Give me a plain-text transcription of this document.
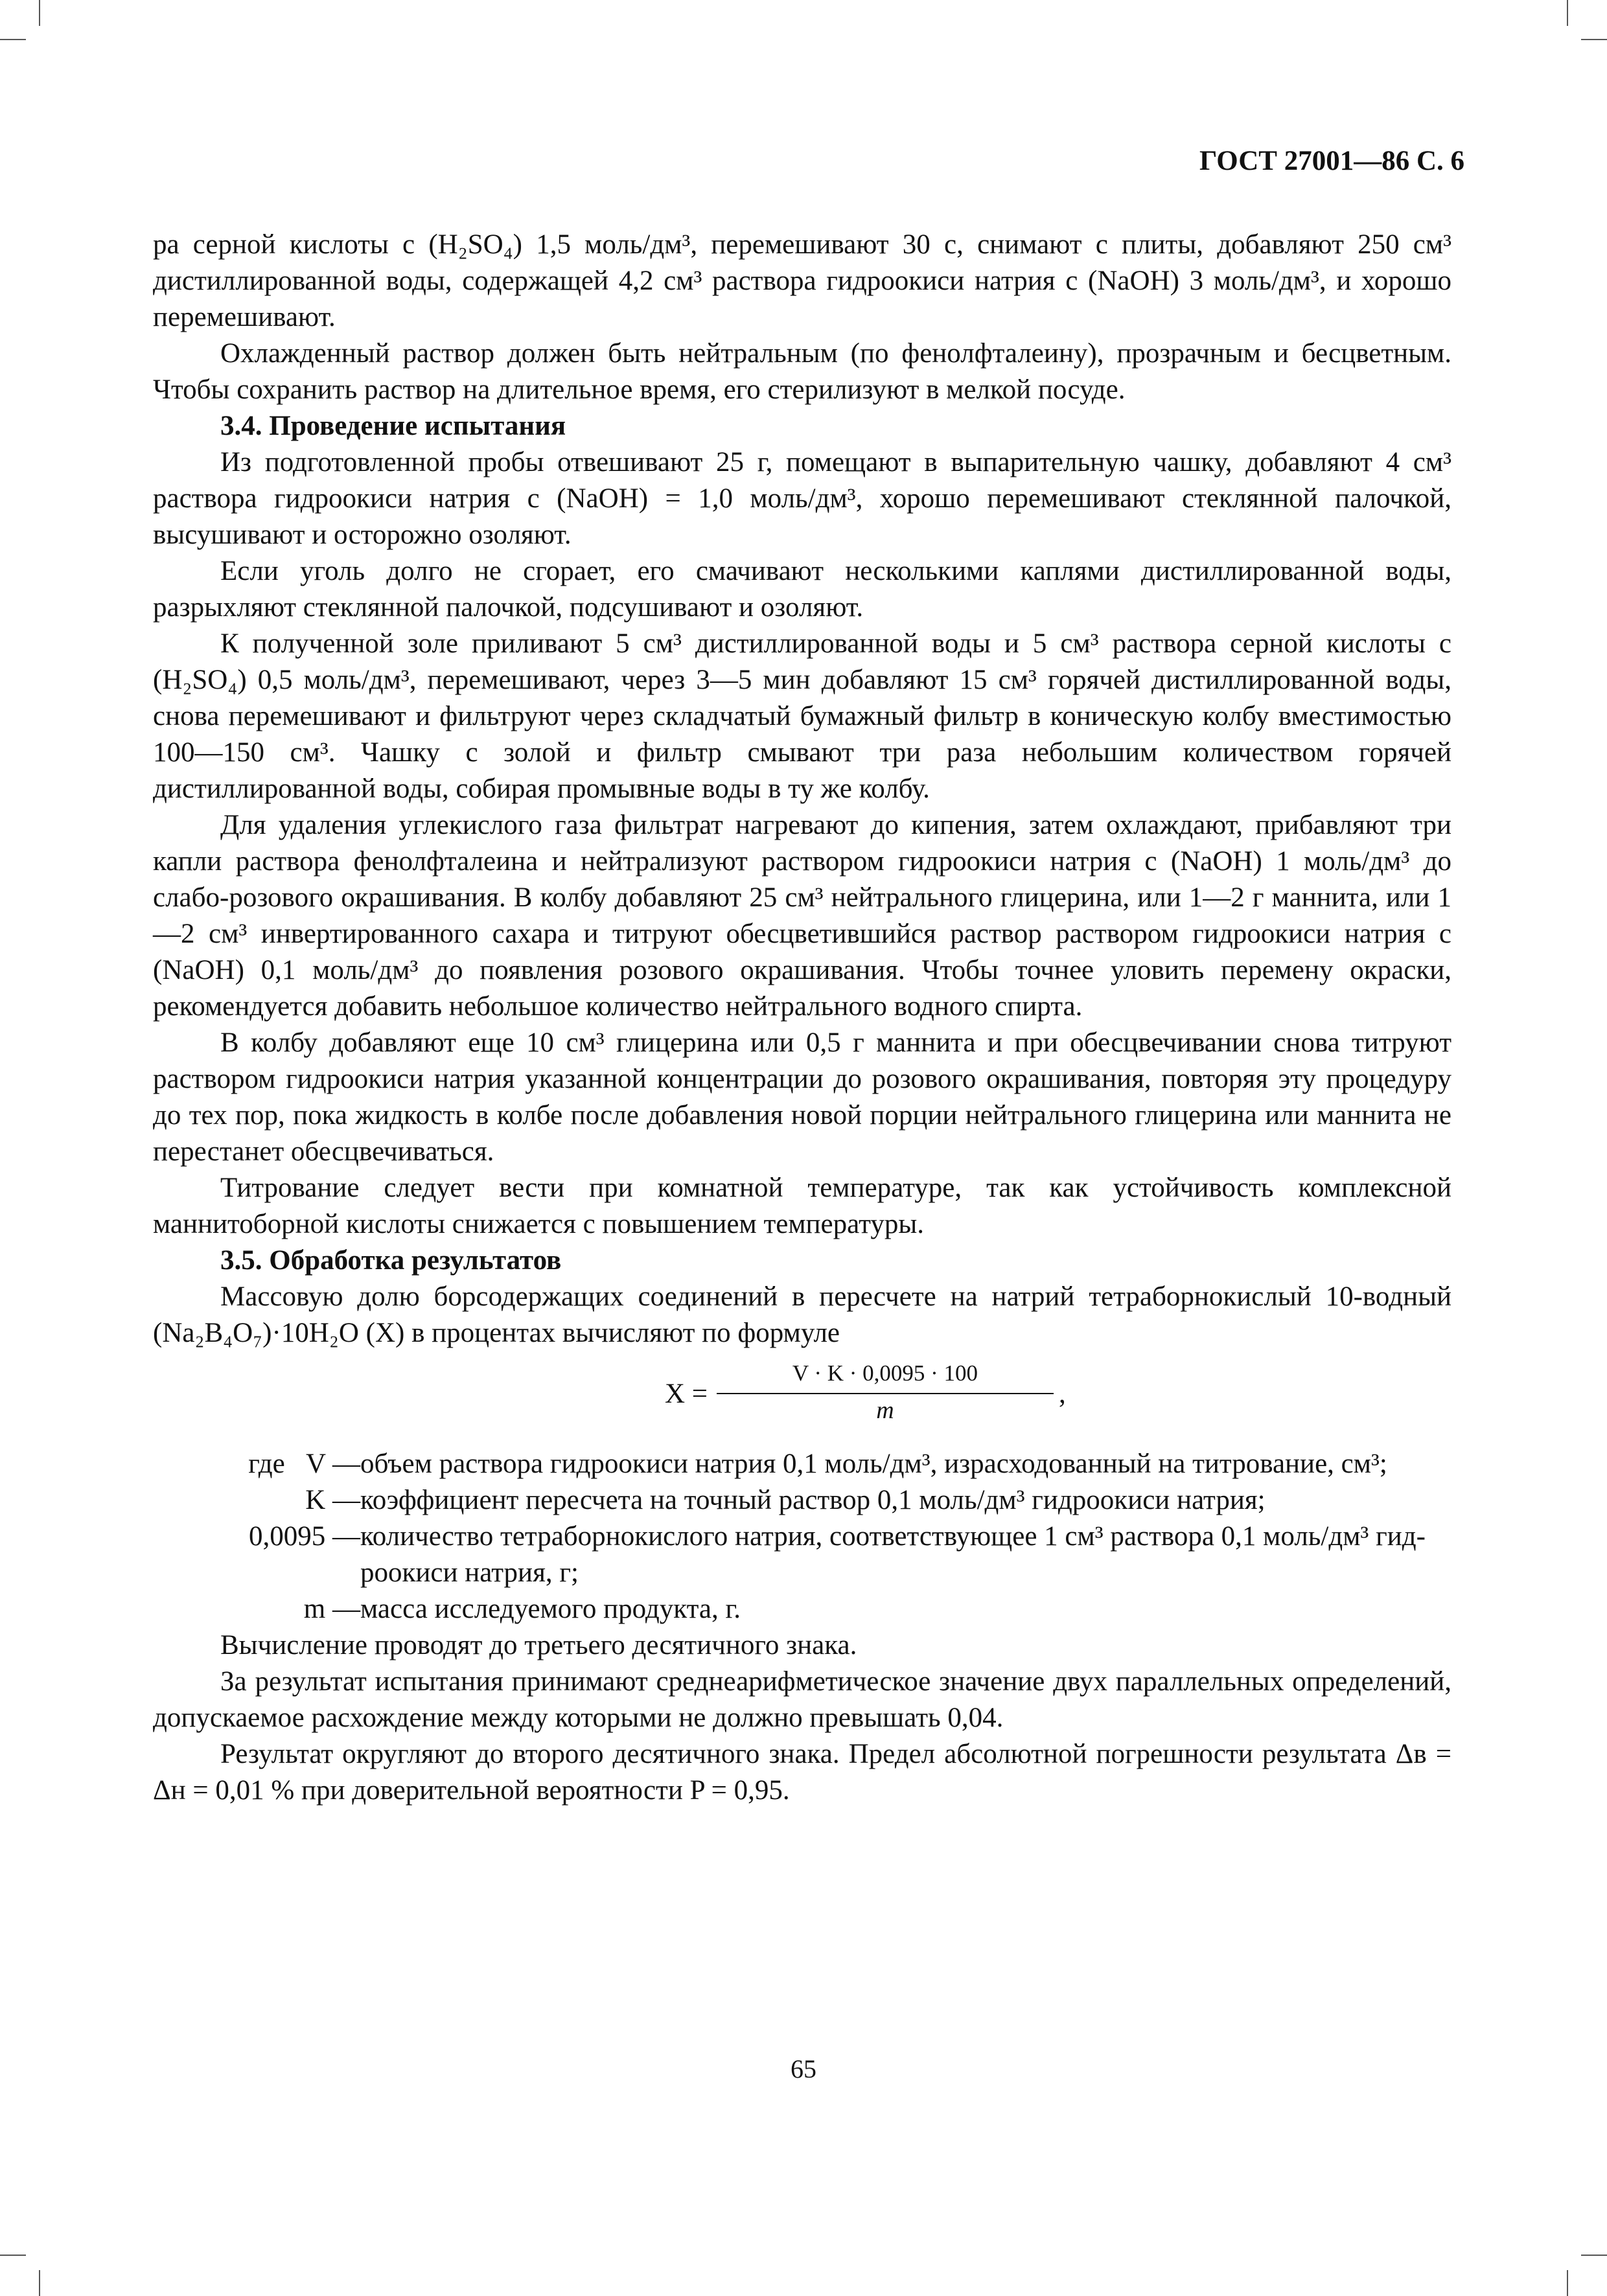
ГОСТ 27001—86 С. 6

ра серной кислоты c (H₂SO₄) 1,5 моль/дм³, перемешивают 30 с, снимают с плиты, добавляют 250 см³ дистиллированной воды, содержащей 4,2 см³ раствора гидроокиси натрия c (NaOH) 3 моль/дм³, и хорошо перемешивают.

Охлажденный раствор должен быть нейтральным (по фенолфталеину), прозрачным и бесцветным. Чтобы сохранить раствор на длительное время, его стерилизуют в мелкой посуде.

3.4. Проведение испытания

Из подготовленной пробы отвешивают 25 г, помещают в выпарительную чашку, добавляют 4 см³ раствора гидроокиси натрия c (NaOH) = 1,0 моль/дм³, хорошо перемешивают стеклянной палочкой, высушивают и осторожно озоляют.

Если уголь долго не сгорает, его смачивают несколькими каплями дистиллированной воды, разрыхляют стеклянной палочкой, подсушивают и озоляют.

К полученной золе приливают 5 см³ дистиллированной воды и 5 см³ раствора серной кислоты c (H₂SO₄) 0,5 моль/дм³, перемешивают, через 3—5 мин добавляют 15 см³ горячей дистиллированной воды, снова перемешивают и фильтруют через складчатый бумажный фильтр в коническую колбу вместимостью 100—150 см³. Чашку с золой и фильтр смывают три раза небольшим количеством горячей дистиллированной воды, собирая промывные воды в ту же колбу.

Для удаления углекислого газа фильтрат нагревают до кипения, затем охлаждают, прибавляют три капли раствора фенолфталеина и нейтрализуют раствором гидроокиси натрия c (NaOH) 1 моль/дм³ до слабо-розового окрашивания. В колбу добавляют 25 см³ нейтрального глицерина, или 1—2 г маннита, или 1—2 см³ инвертированного сахара и титруют обесцветившийся раствор раствором гидроокиси натрия c (NaOH) 0,1 моль/дм³ до появления розового окрашивания. Чтобы точнее уловить перемену окраски, рекомендуется добавить небольшое количество нейтрального водного спирта.

В колбу добавляют еще 10 см³ глицерина или 0,5 г маннита и при обесцвечивании снова титруют раствором гидроокиси натрия указанной концентрации до розового окрашивания, повторяя эту процедуру до тех пор, пока жидкость в колбе после добавления новой порции нейтрального глицерина или маннита не перестанет обесцвечиваться.

Титрование следует вести при комнатной температуре, так как устойчивость комплексной маннитоборной кислоты снижается с повышением температуры.

3.5. Обработка результатов

Массовую долю борсодержащих соединений в пересчете на натрий тетраборнокислый 10-водный (Na₂B₄O₇)·10H₂O (X) в процентах вычисляют по формуле

$X = \frac{V \cdot K \cdot 0,0095 \cdot 100}{m}$ ,
где   V — объем раствора гидроокиси натрия 0,1 моль/дм³, израсходованный на титрование, см³;
K — коэффициент пересчета на точный раствор 0,1 моль/дм³ гидроокиси натрия;
0,0095 — количество тетраборнокислого натрия, соответствующее 1 см³ раствора 0,1 моль/дм³ гид-
роокиси натрия, г;
m — масса исследуемого продукта, г.

Вычисление проводят до третьего десятичного знака.

За результат испытания принимают среднеарифметическое значение двух параллельных определений, допускаемое расхождение между которыми не должно превышать 0,04.

Результат округляют до второго десятичного знака. Предел абсолютной погрешности результата Δв = Δн = 0,01 % при доверительной вероятности P = 0,95.

65
